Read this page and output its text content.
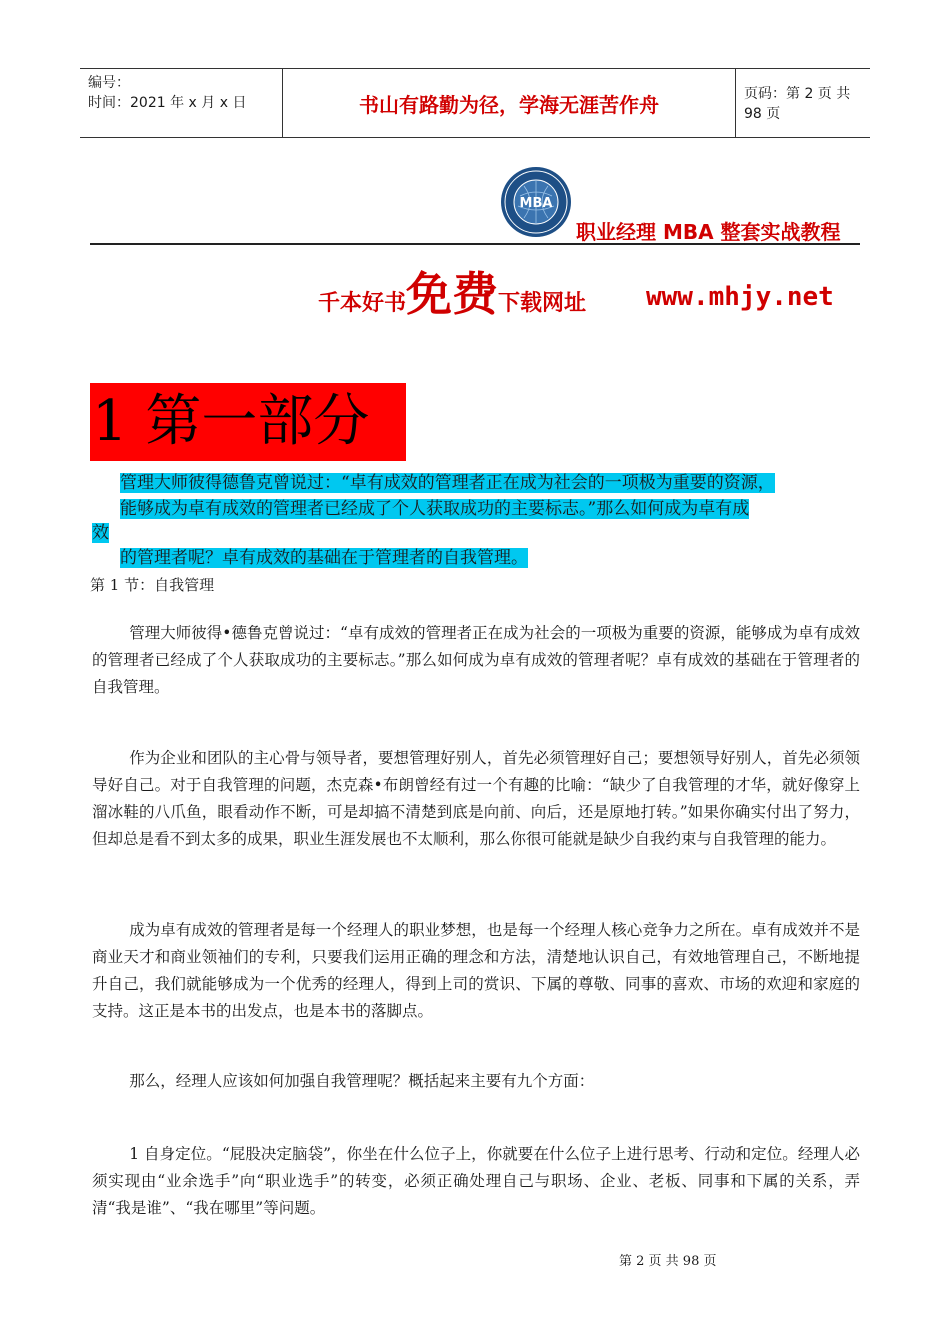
编号：
时间：2021 年 x 月 x 日	书山有路勤为径，学海无涯苦作舟	页码：第 2 页 共 98 页
MBA
职业经理 MBA 整套实战教程
千本好书免费下载网址 www.mhjy.net
1 第一部分
管理大师彼得德鲁克曾说过：“卓有成效的管理者正在成为社会的一项极为重要的资源，
能够成为卓有成效的管理者已经成了个人获取成功的主要标志。”那么如何成为卓有成
效
的管理者呢？卓有成效的基础在于管理者的自我管理。
第 1 节：自我管理
管理大师彼得•德鲁克曾说过：“卓有成效的管理者正在成为社会的一项极为重要的资源，能够成为卓有成效的管理者已经成了个人获取成功的主要标志。”那么如何成为卓有成效的管理者呢？卓有成效的基础在于管理者的自我管理。
作为企业和团队的主心骨与领导者，要想管理好别人，首先必须管理好自己；要想领导好别人，首先必须领导好自己。对于自我管理的问题，杰克森•布朗曾经有过一个有趣的比喻：“缺少了自我管理的才华，就好像穿上溜冰鞋的八爪鱼，眼看动作不断，可是却搞不清楚到底是向前、向后，还是原地打转。”如果你确实付出了努力，但却总是看不到太多的成果，职业生涯发展也不太顺利，那么你很可能就是缺少自我约束与自我管理的能力。
成为卓有成效的管理者是每一个经理人的职业梦想，也是每一个经理人核心竞争力之所在。卓有成效并不是商业天才和商业领袖们的专利，只要我们运用正确的理念和方法，清楚地认识自己，有效地管理自己，不断地提升自己，我们就能够成为一个优秀的经理人，得到上司的赏识、下属的尊敬、同事的喜欢、市场的欢迎和家庭的支持。这正是本书的出发点，也是本书的落脚点。
那么，经理人应该如何加强自我管理呢？概括起来主要有九个方面：
1 自身定位。“屁股决定脑袋”，你坐在什么位子上，你就要在什么位子上进行思考、行动和定位。经理人必须实现由“业余选手”向“职业选手”的转变，必须正确处理自己与职场、企业、老板、同事和下属的关系，弄清“我是谁”、“我在哪里”等问题。
第 2 页 共 98 页
